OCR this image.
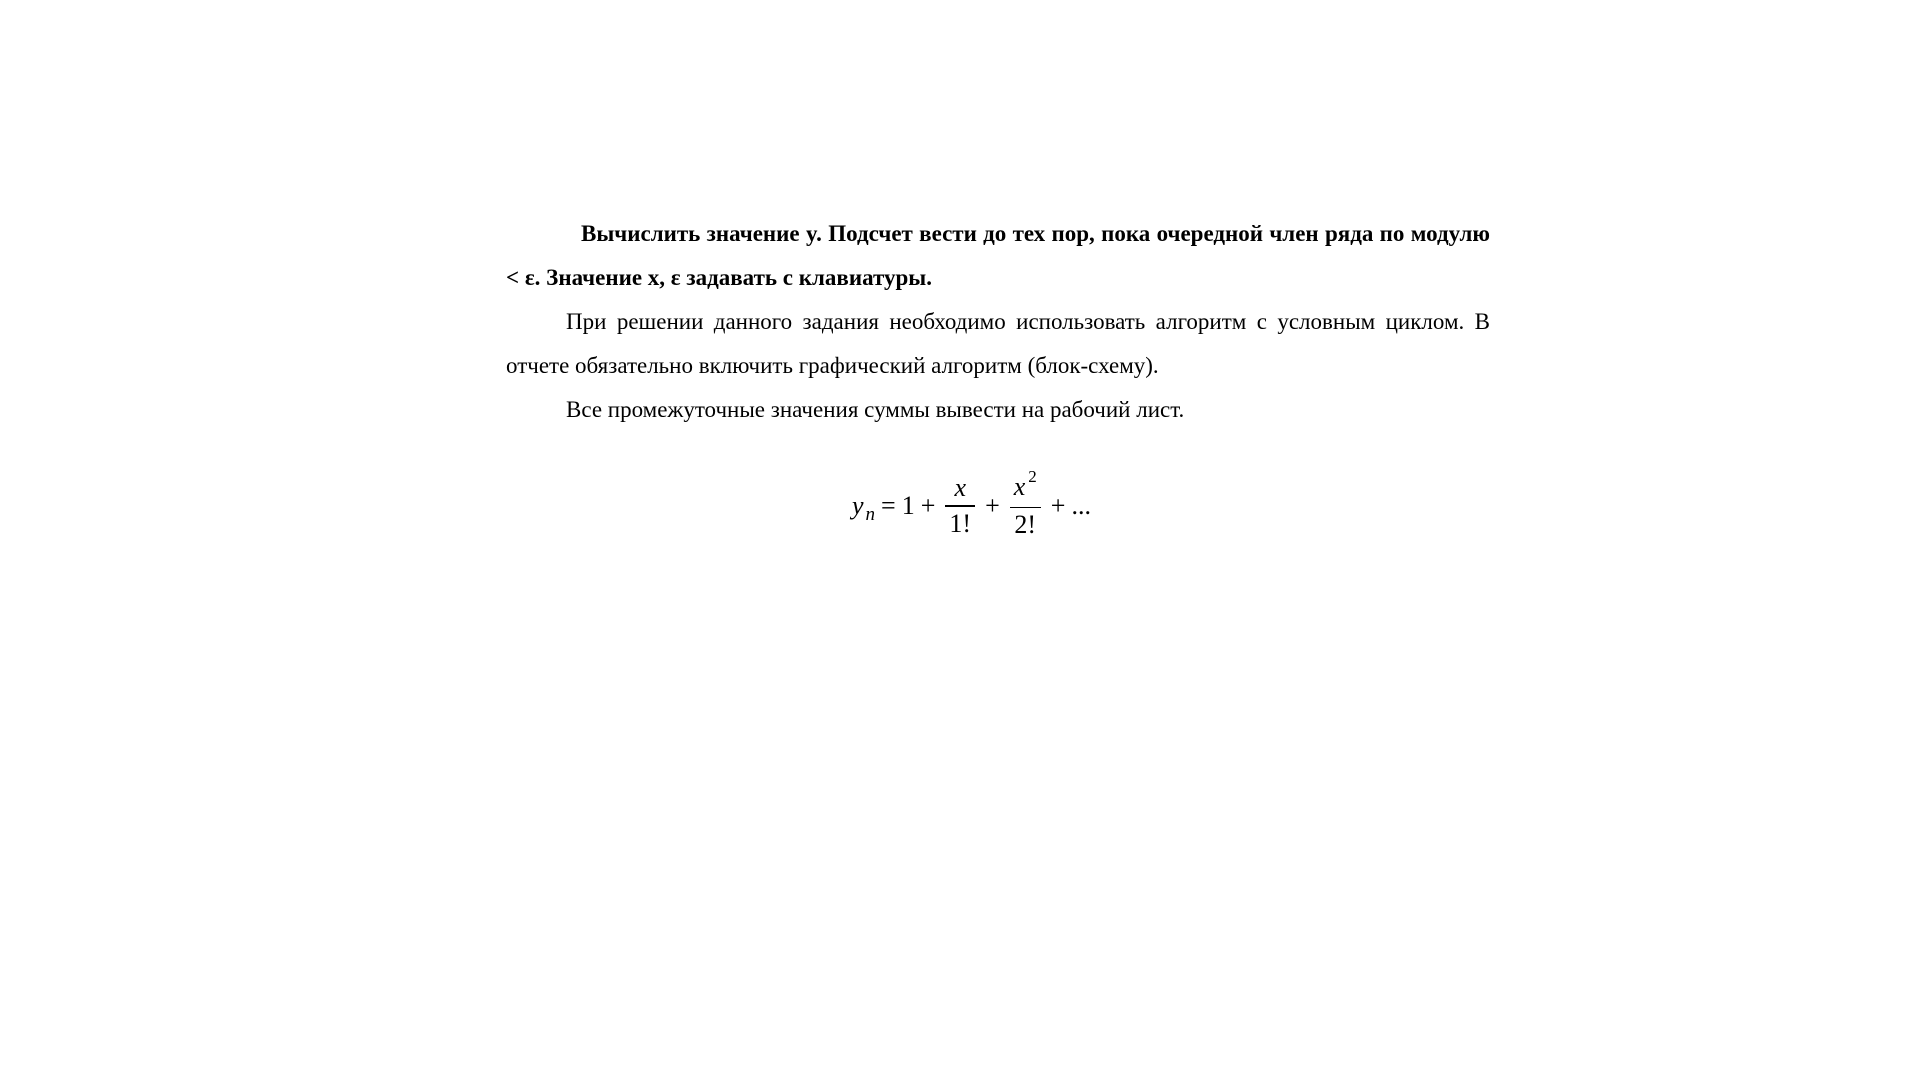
Вычислить значение y. Подсчет вести до тех пор, пока очередной член ряда по модулю < ε. Значение x, ε задавать с клавиатуры.

При решении данного задания необходимо использовать алгоритм с условным циклом. В отчете обязательно включить графический алгоритм (блок-схему).

Все промежуточные значения суммы вывести на рабочий лист.

y $n = 1 + \frac{x}{1!} + \frac{x ^2}{2!}$ + ...
